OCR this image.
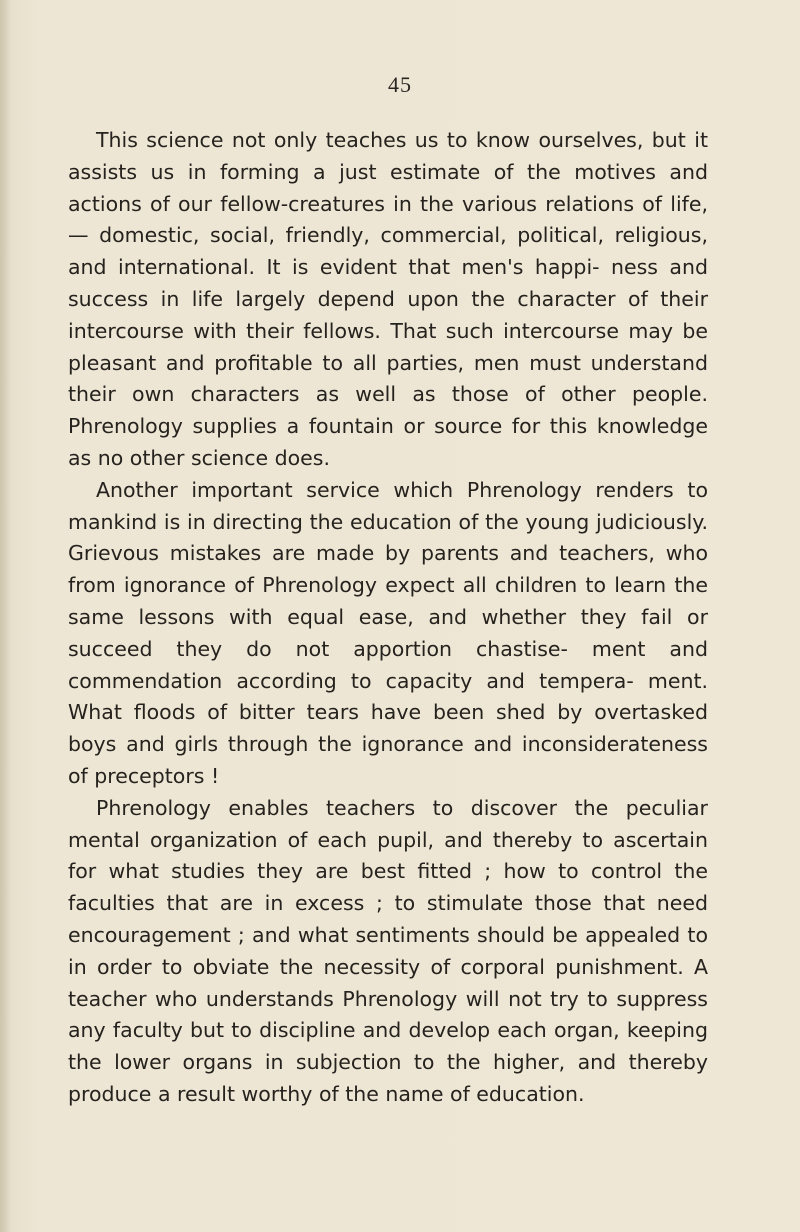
45

This science not only teaches us to know ourselves, but it assists us in forming a just estimate of the motives and actions of our fellow-creatures in the various relations of life, — domestic, social, friendly, commercial, political, religious, and international. It is evident that men's happi- ness and success in life largely depend upon the character of their intercourse with their fellows. That such intercourse may be pleasant and profitable to all parties, men must understand their own characters as well as those of other people. Phrenology supplies a fountain or source for this knowledge as no other science does.

Another important service which Phrenology renders to mankind is in directing the education of the young judiciously. Grievous mistakes are made by parents and teachers, who from ignorance of Phrenology expect all children to learn the same lessons with equal ease, and whether they fail or succeed they do not apportion chastise- ment and commendation according to capacity and tempera- ment. What floods of bitter tears have been shed by overtasked boys and girls through the ignorance and inconsiderateness of preceptors !

Phrenology enables teachers to discover the peculiar mental organization of each pupil, and thereby to ascertain for what studies they are best fitted ; how to control the faculties that are in excess ; to stimulate those that need encouragement ; and what sentiments should be appealed to in order to obviate the necessity of corporal punishment. A teacher who understands Phrenology will not try to suppress any faculty but to discipline and develop each organ, keeping the lower organs in subjection to the higher, and thereby produce a result worthy of the name of education.
